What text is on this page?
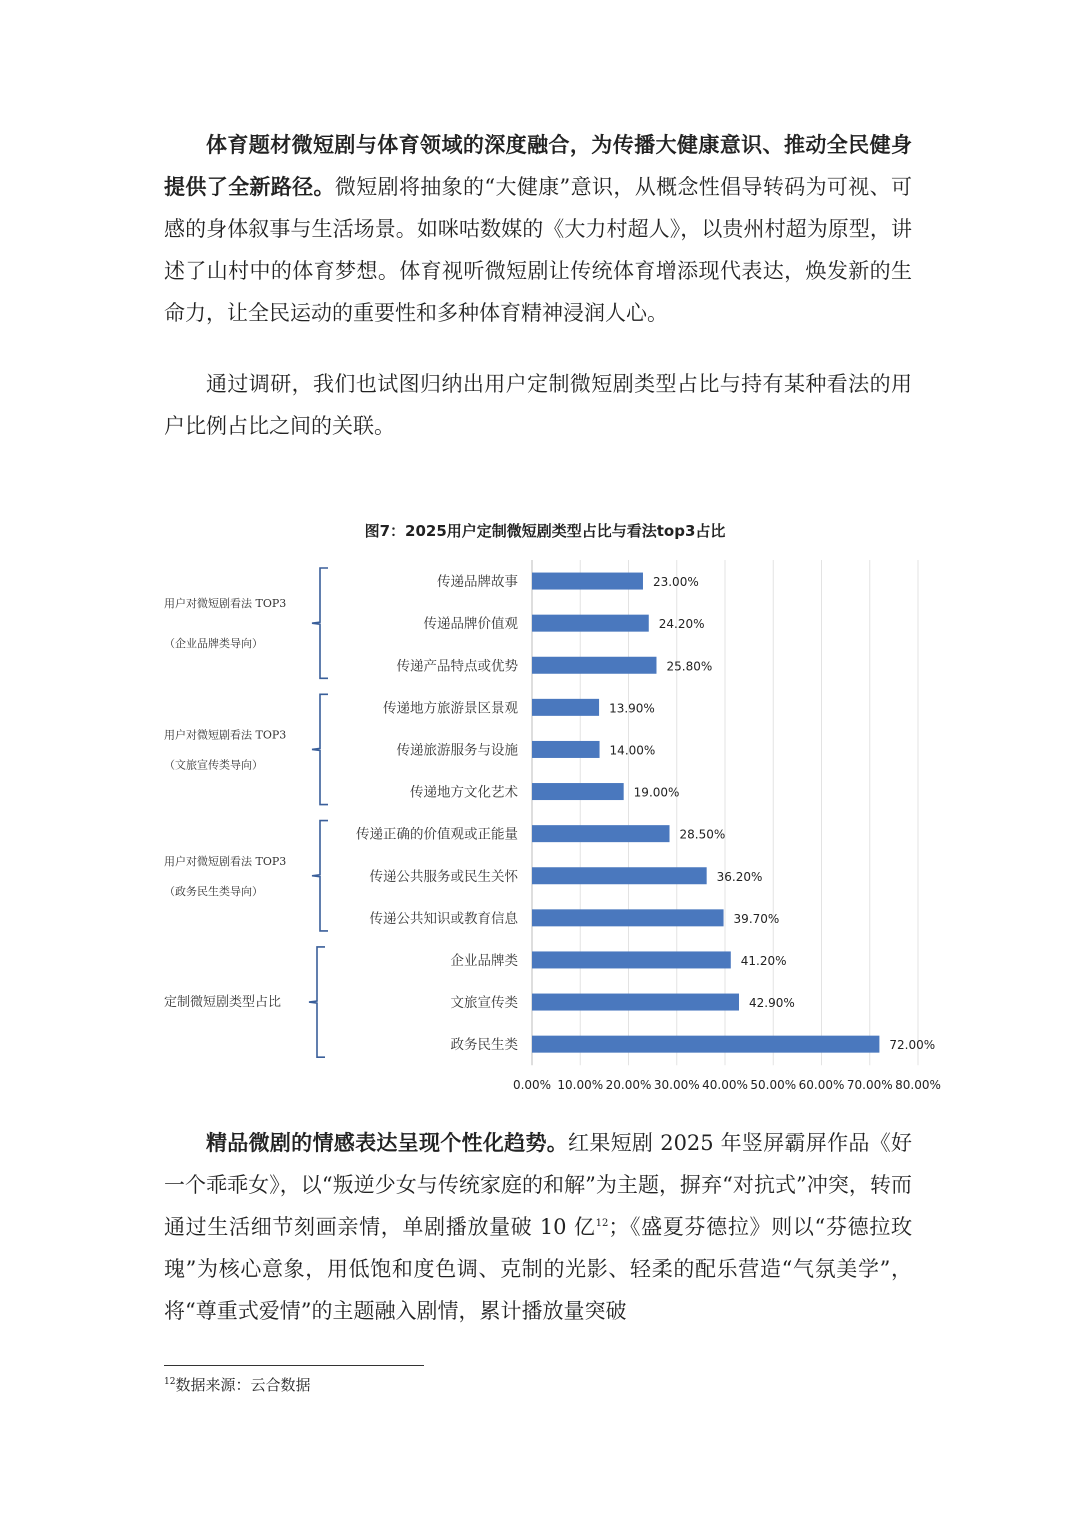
体育题材微短剧与体育领域的深度融合，为传播大健康意识、推动全民健身提供了全新路径。微短剧将抽象的“大健康”意识，从概念性倡导转码为可视、可感的身体叙事与生活场景。如咪咕数媒的《大力村超人》，以贵州村超为原型，讲述了山村中的体育梦想。体育视听微短剧让传统体育增添现代表达，焕发新的生命力，让全民运动的重要性和多种体育精神浸润人心。

通过调研，我们也试图归纳出用户定制微短剧类型占比与持有某种看法的用户比例占比之间的关联。

图7：2025用户定制微短剧类型占比与看法top3占比
0.00% 10.00% 20.00% 30.00% 40.00% 50.00% 60.00% 70.00% 80.00%
传递品牌故事	23.00%
传递品牌价值观	24.20%
传递产品特点或优势	25.80%
传递地方旅游景区景观	13.90%
传递旅游服务与设施	14.00%
传递地方文化艺术	19.00%
传递正确的价值观或正能量	28.50%
传递公共服务或民生关怀	36.20%
传递公共知识或教育信息	39.70%
企业品牌类	41.20%
文旅宣传类	42.90%
政务民生类	72.00%
用户对微短剧看法 TOP3
（企业品牌类导向）
用户对微短剧看法 TOP3
（文旅宣传类导向）
用户对微短剧看法 TOP3
（政务民生类导向）
定制微短剧类型占比

精品微剧的情感表达呈现个性化趋势。红果短剧 2025 年竖屏霸屏作品《好一个乖乖女》，以“叛逆少女与传统家庭的和解”为主题，摒弃“对抗式”冲突，转而通过生活细节刻画亲情，单剧播放量破 10 亿$^{12}$；《盛夏芬德拉》则以“芬德拉玫瑰”为核心意象，用低饱和度色调、克制的光影、轻柔的配乐营造“气氛美学”，将“尊重式爱情”的主题融入剧情，累计播放量突破

$^{12}$数据来源：云合数据
